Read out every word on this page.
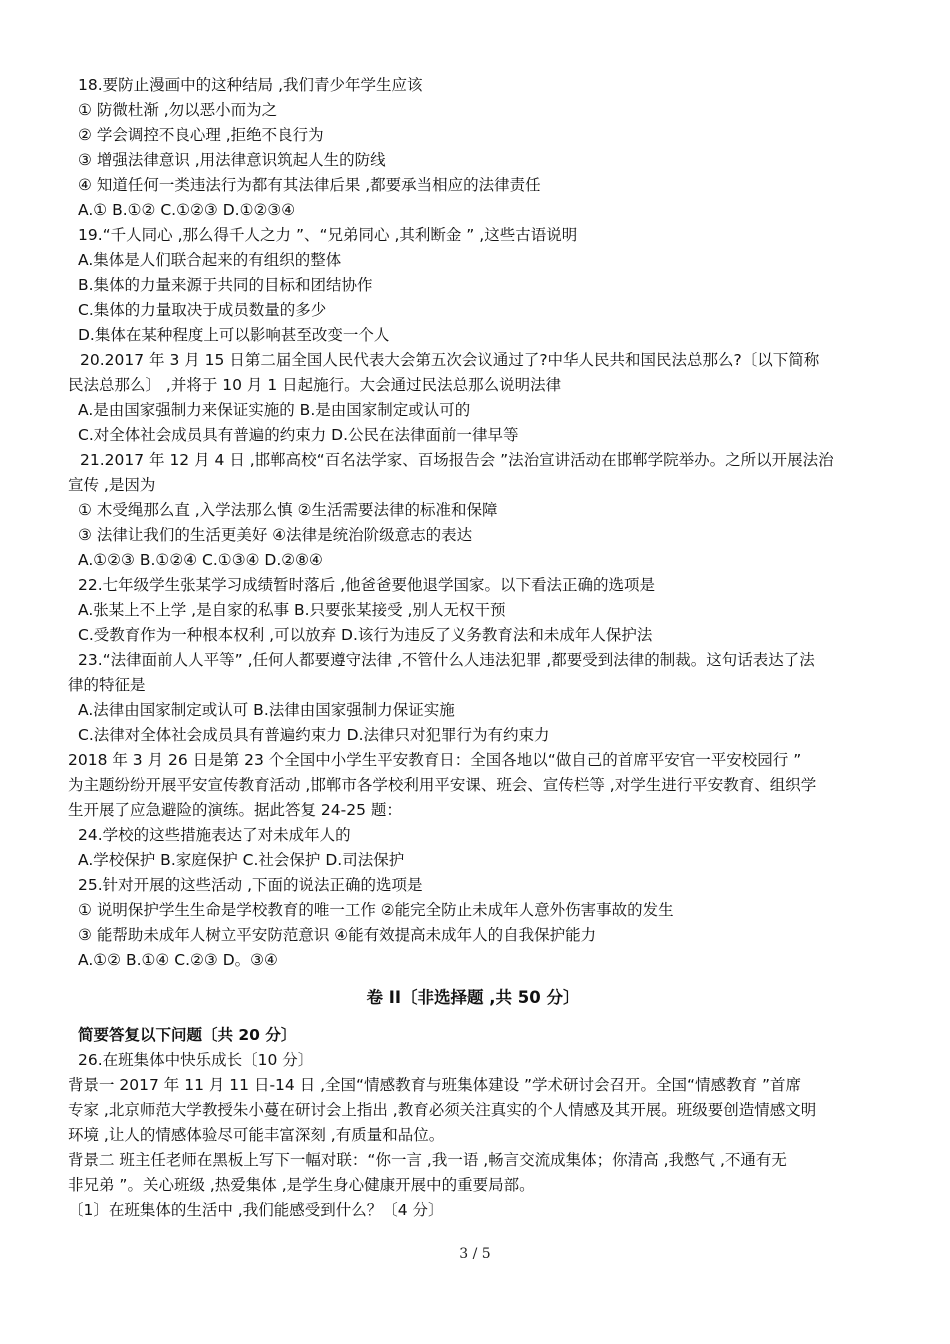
18.要防止漫画中的这种结局 ,我们青少年学生应该
① 防微杜渐 ,勿以恶小而为之
② 学会调控不良心理 ,拒绝不良行为
③ 增强法律意识 ,用法律意识筑起人生的防线
④ 知道任何一类违法行为都有其法律后果 ,都要承当相应的法律责任
A.① B.①② C.①②③ D.①②③④
19.“千人同心 ,那么得千人之力 ”、“兄弟同心 ,其利断金 ” ,这些古语说明
A.集体是人们联合起来的有组织的整体
B.集体的力量来源于共同的目标和团结协作
C.集体的力量取决于成员数量的多少
D.集体在某种程度上可以影响甚至改变一个人
20.2017 年 3 月 15 日第二届全国人民代表大会第五次会议通过了?中华人民共和国民法总那么?〔以下简称
民法总那么〕 ,并将于 10 月 1 日起施行。大会通过民法总那么说明法律
A.是由国家强制力来保证实施的 B.是由国家制定或认可的
C.对全体社会成员具有普遍的约束力 D.公民在法律面前一律早等
21.2017 年 12 月 4 日 ,邯郸高校“百名法学家、百场报告会 ”法治宣讲活动在邯郸学院举办。之所以开展法治
宣传 ,是因为
① 木受绳那么直 ,入学法那么慎 ②生活需要法律的标准和保障
③ 法律让我们的生活更美好 ④法律是统治阶级意志的表达
A.①②③ B.①②④ C.①③④ D.②⑧④
22.七年级学生张某学习成绩暂时落后 ,他爸爸要他退学国家。以下看法正确的选项是
A.张某上不上学 ,是自家的私事 B.只要张某接受 ,别人无权干预
C.受教育作为一种根本权利 ,可以放弃 D.该行为违反了义务教育法和未成年人保护法
23.“法律面前人人平等” ,任何人都要遵守法律 ,不管什么人违法犯罪 ,都要受到法律的制裁。这句话表达了法
律的特征是
A.法律由国家制定或认可 B.法律由国家强制力保证实施
C.法律对全体社会成员具有普遍约束力 D.法律只对犯罪行为有约束力
2018 年 3 月 26 日是第 23 个全国中小学生平安教育日：全国各地以“做自己的首席平安官一平安校园行 ”
为主题纷纷开展平安宣传教育活动 ,邯郸市各学校利用平安课、班会、宣传栏等 ,对学生进行平安教育、组织学
生开展了应急避险的演练。据此答复 24-25 题：
24.学校的这些措施表达了对未成年人的
A.学校保护 B.家庭保护 C.社会保护 D.司法保护
25.针对开展的这些活动 ,下面的说法正确的选项是
① 说明保护学生生命是学校教育的唯一工作 ②能完全防止未成年人意外伤害事故的发生
③ 能帮助未成年人树立平安防范意识 ④能有效提高未成年人的自我保护能力
A.①② B.①④ C.②③ D。③④
卷 II〔非选择题 ,共 50 分〕
简要答复以下问题〔共 20 分〕
26.在班集体中快乐成长〔10 分〕
背景一 2017 年 11 月 11 日-14 日 ,全国“情感教育与班集体建设 ”学术研讨会召开。全国“情感教育 ”首席
专家 ,北京师范大学教授朱小蔓在研讨会上指出 ,教育必须关注真实的个人情感及其开展。班级要创造情感文明
环境 ,让人的情感体验尽可能丰富深刻 ,有质量和品位。
背景二 班主任老师在黑板上写下一幅对联：“你一言 ,我一语 ,畅言交流成集体；你清高 ,我憋气 ,不通有无
非兄弟 ”。关心班级 ,热爱集体 ,是学生身心健康开展中的重要局部。
〔1〕在班集体的生活中 ,我们能感受到什么？〔4 分〕
3 / 5
